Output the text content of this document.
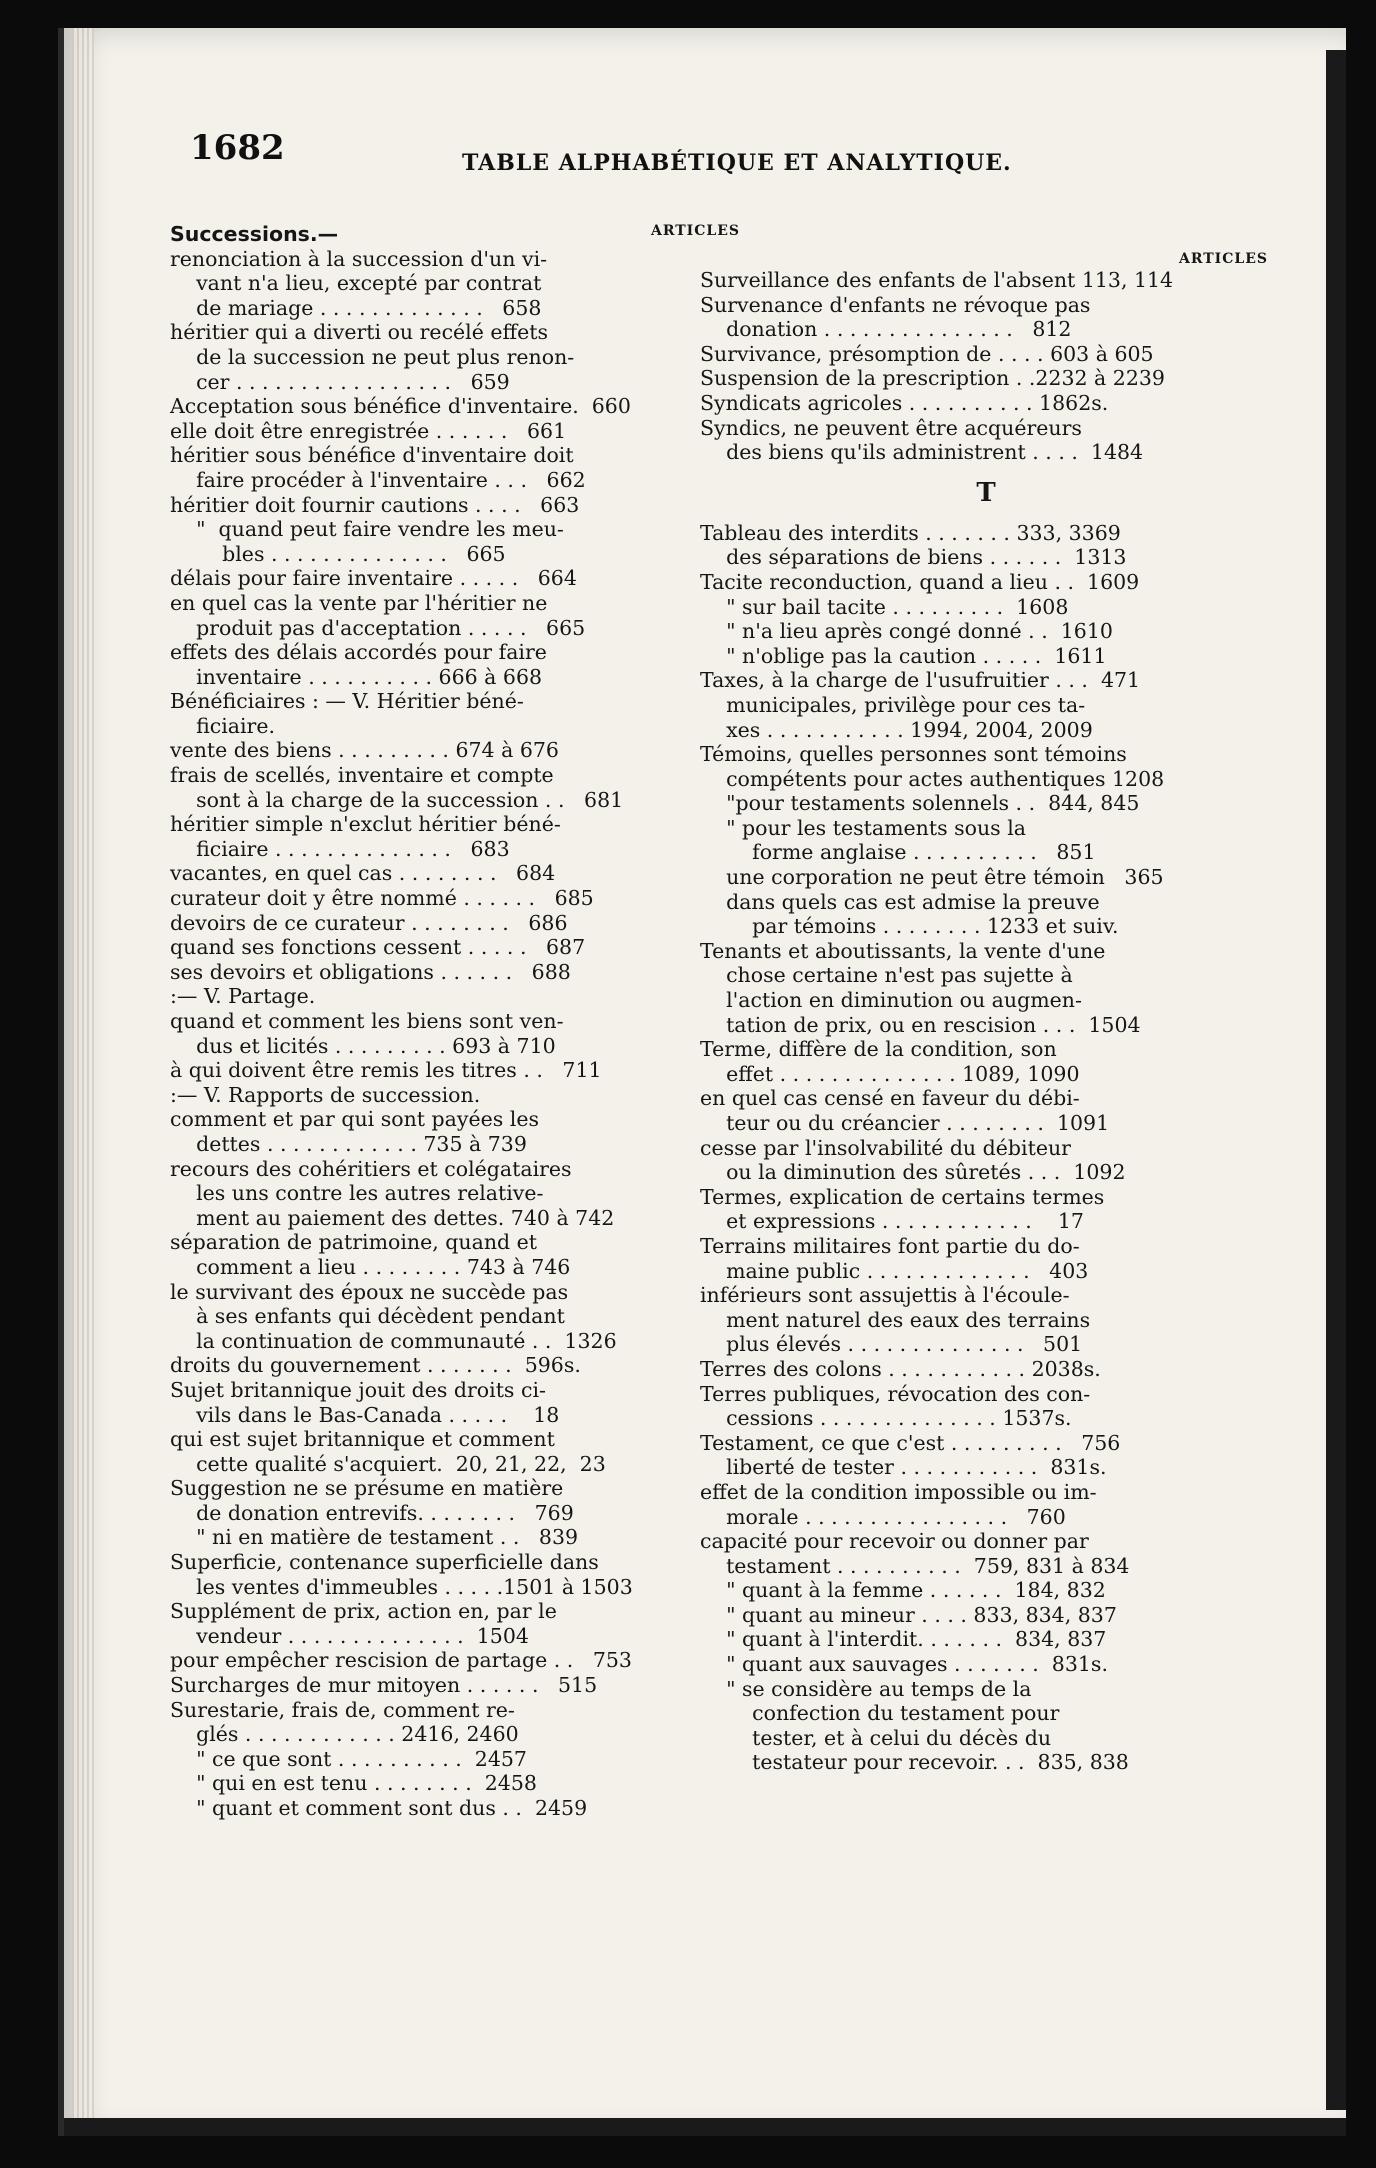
1682	TABLE ALPHABÉTIQUE ET ANALYTIQUE.
ARTICLES
Successions.—
renonciation à la succession d'un vi-
vant n'a lieu, excepté par contrat
de mariage . . . . . . . . . . . . .   658
héritier qui a diverti ou recélé effets
de la succession ne peut plus renon-
cer . . . . . . . . . . . . . . . . .   659
Acceptation sous bénéfice d'inventaire.  660
elle doit être enregistrée . . . . . .   661
héritier sous bénéfice d'inventaire doit
faire procéder à l'inventaire . . .   662
héritier doit fournir cautions . . . .   663
"  quand peut faire vendre les meu-
bles . . . . . . . . . . . . . .   665
délais pour faire inventaire . . . . .   664
en quel cas la vente par l'héritier ne
produit pas d'acceptation . . . . .   665
effets des délais accordés pour faire
inventaire . . . . . . . . . . 666 à 668
Bénéficiaires : — V. Héritier béné-
ficiaire.
vente des biens . . . . . . . . . 674 à 676
frais de scellés, inventaire et compte
sont à la charge de la succession . .   681
héritier simple n'exclut héritier béné-
ficiaire . . . . . . . . . . . . . .   683
vacantes, en quel cas . . . . . . . .   684
curateur doit y être nommé . . . . . .   685
devoirs de ce curateur . . . . . . . .   686
quand ses fonctions cessent . . . . .   687
ses devoirs et obligations . . . . . .   688
:— V. Partage.
quand et comment les biens sont ven-
dus et licités . . . . . . . . . 693 à 710
à qui doivent être remis les titres . .   711
:— V. Rapports de succession.
comment et par qui sont payées les
dettes . . . . . . . . . . . . 735 à 739
recours des cohéritiers et colégataires
les uns contre les autres relative-
ment au paiement des dettes. 740 à 742
séparation de patrimoine, quand et
comment a lieu . . . . . . . . 743 à 746
le survivant des époux ne succède pas
à ses enfants qui décèdent pendant
la continuation de communauté . .  1326
droits du gouvernement . . . . . . .  596s.
Sujet britannique jouit des droits ci-
vils dans le Bas-Canada . . . . .    18
qui est sujet britannique et comment
cette qualité s'acquiert.  20, 21, 22,  23
Suggestion ne se présume en matière
de donation entrevifs. . . . . . . .   769
" ni en matière de testament . .   839
Superficie, contenance superficielle dans
les ventes d'immeubles . . . . .1501 à 1503
Supplément de prix, action en, par le
vendeur . . . . . . . . . . . . . .  1504
pour empêcher rescision de partage . .   753
Surcharges de mur mitoyen . . . . . .   515
Surestarie, frais de, comment re-
glés . . . . . . . . . . . . 2416, 2460
" ce que sont . . . . . . . . . .  2457
" qui en est tenu . . . . . . . .  2458
" quant et comment sont dus . .  2459
ARTICLES
Surveillance des enfants de l'absent 113, 114
Survenance d'enfants ne révoque pas
donation . . . . . . . . . . . . . . .   812
Survivance, présomption de . . . . 603 à 605
Suspension de la prescription . .2232 à 2239
Syndicats agricoles . . . . . . . . . . 1862s.
Syndics, ne peuvent être acquéreurs
des biens qu'ils administrent . . . .  1484
T
Tableau des interdits . . . . . . . 333, 3369
des séparations de biens . . . . . .  1313
Tacite reconduction, quand a lieu . .  1609
" sur bail tacite . . . . . . . . .  1608
" n'a lieu après congé donné . .  1610
" n'oblige pas la caution . . . . .  1611
Taxes, à la charge de l'usufruitier . . .  471
municipales, privilège pour ces ta-
xes . . . . . . . . . . . 1994, 2004, 2009
Témoins, quelles personnes sont témoins
compétents pour actes authentiques 1208
"pour testaments solennels . .  844, 845
" pour les testaments sous la
forme anglaise . . . . . . . . . .   851
une corporation ne peut être témoin   365
dans quels cas est admise la preuve
par témoins . . . . . . . . 1233 et suiv.
Tenants et aboutissants, la vente d'une
chose certaine n'est pas sujette à
l'action en diminution ou augmen-
tation de prix, ou en rescision . . .  1504
Terme, diffère de la condition, son
effet . . . . . . . . . . . . . . 1089, 1090
en quel cas censé en faveur du débi-
teur ou du créancier . . . . . . . .  1091
cesse par l'insolvabilité du débiteur
ou la diminution des sûretés . . .  1092
Termes, explication de certains termes
et expressions . . . . . . . . . . . .    17
Terrains militaires font partie du do-
maine public . . . . . . . . . . . . .   403
inférieurs sont assujettis à l'écoule-
ment naturel des eaux des terrains
plus élevés . . . . . . . . . . . . . .   501
Terres des colons . . . . . . . . . . . 2038s.
Terres publiques, révocation des con-
cessions . . . . . . . . . . . . . . 1537s.
Testament, ce que c'est . . . . . . . . .   756
liberté de tester . . . . . . . . . . .  831s.
effet de la condition impossible ou im-
morale . . . . . . . . . . . . . . . .   760
capacité pour recevoir ou donner par
testament . . . . . . . . . .  759, 831 à 834
" quant à la femme . . . . . .  184, 832
" quant au mineur . . . . 833, 834, 837
" quant à l'interdit. . . . . . .  834, 837
" quant aux sauvages . . . . . . .  831s.
" se considère au temps de la
confection du testament pour
tester, et à celui du décès du
testateur pour recevoir. . .  835, 838
